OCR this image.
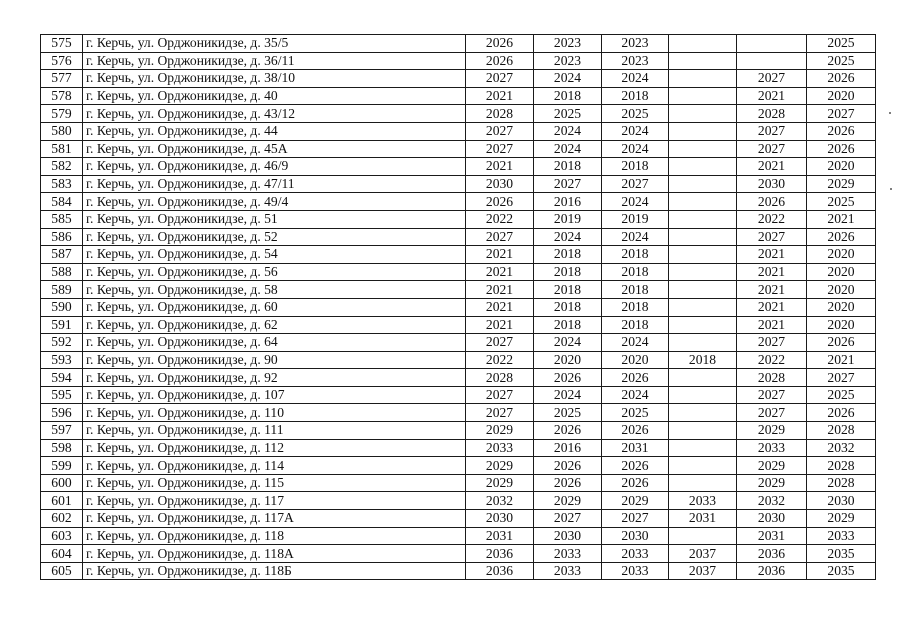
575	г. Керчь, ул. Орджоникидзе, д. 35/5	2026	2023	2023			2025
576	г. Керчь, ул. Орджоникидзе, д. 36/11	2026	2023	2023			2025
577	г. Керчь, ул. Орджоникидзе, д. 38/10	2027	2024	2024		2027	2026
578	г. Керчь, ул. Орджоникидзе, д. 40	2021	2018	2018		2021	2020
579	г. Керчь, ул. Орджоникидзе, д. 43/12	2028	2025	2025		2028	2027
580	г. Керчь, ул. Орджоникидзе, д. 44	2027	2024	2024		2027	2026
581	г. Керчь, ул. Орджоникидзе, д. 45А	2027	2024	2024		2027	2026
582	г. Керчь, ул. Орджоникидзе, д. 46/9	2021	2018	2018		2021	2020
583	г. Керчь, ул. Орджоникидзе, д. 47/11	2030	2027	2027		2030	2029
584	г. Керчь, ул. Орджоникидзе, д. 49/4	2026	2016	2024		2026	2025
585	г. Керчь, ул. Орджоникидзе, д. 51	2022	2019	2019		2022	2021
586	г. Керчь, ул. Орджоникидзе, д. 52	2027	2024	2024		2027	2026
587	г. Керчь, ул. Орджоникидзе, д. 54	2021	2018	2018		2021	2020
588	г. Керчь, ул. Орджоникидзе, д. 56	2021	2018	2018		2021	2020
589	г. Керчь, ул. Орджоникидзе, д. 58	2021	2018	2018		2021	2020
590	г. Керчь, ул. Орджоникидзе, д. 60	2021	2018	2018		2021	2020
591	г. Керчь, ул. Орджоникидзе, д. 62	2021	2018	2018		2021	2020
592	г. Керчь, ул. Орджоникидзе, д. 64	2027	2024	2024		2027	2026
593	г. Керчь, ул. Орджоникидзе, д. 90	2022	2020	2020	2018	2022	2021
594	г. Керчь, ул. Орджоникидзе, д. 92	2028	2026	2026		2028	2027
595	г. Керчь, ул. Орджоникидзе, д. 107	2027	2024	2024		2027	2025
596	г. Керчь, ул. Орджоникидзе, д. 110	2027	2025	2025		2027	2026
597	г. Керчь, ул. Орджоникидзе, д. 111	2029	2026	2026		2029	2028
598	г. Керчь, ул. Орджоникидзе, д. 112	2033	2016	2031		2033	2032
599	г. Керчь, ул. Орджоникидзе, д. 114	2029	2026	2026		2029	2028
600	г. Керчь, ул. Орджоникидзе, д. 115	2029	2026	2026		2029	2028
601	г. Керчь, ул. Орджоникидзе, д. 117	2032	2029	2029	2033	2032	2030
602	г. Керчь, ул. Орджоникидзе, д. 117А	2030	2027	2027	2031	2030	2029
603	г. Керчь, ул. Орджоникидзе, д. 118	2031	2030	2030		2031	2033
604	г. Керчь, ул. Орджоникидзе, д. 118А	2036	2033	2033	2037	2036	2035
605	г. Керчь, ул. Орджоникидзе, д. 118Б	2036	2033	2033	2037	2036	2035
